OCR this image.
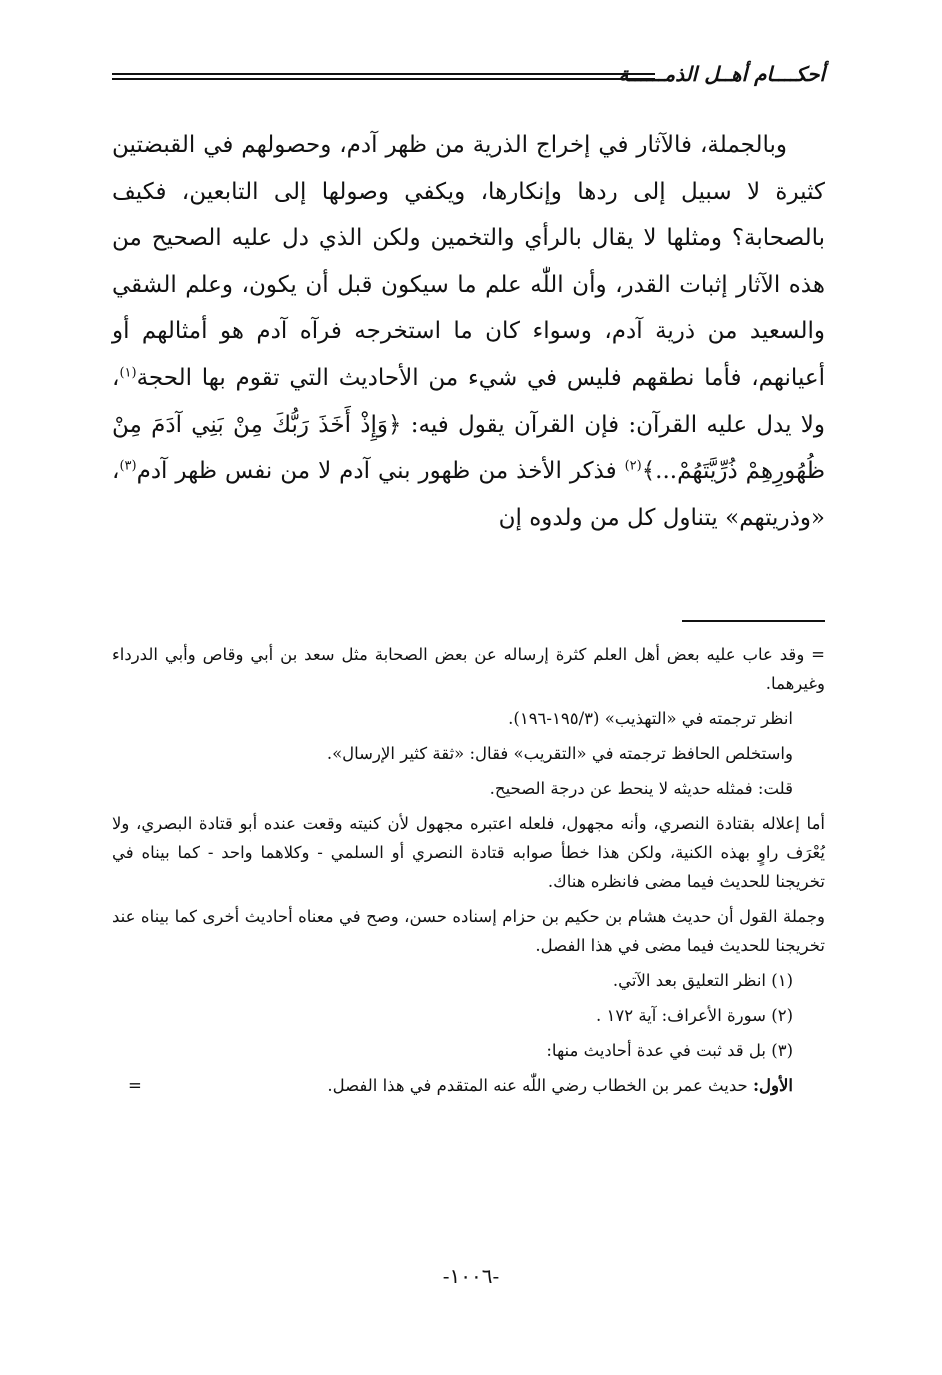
أحكــــام أهــل الذمــــــة

وبالجملة، فالآثار في إخراج الذرية من ظهر آدم، وحصولهم في القبضتين كثيرة لا سبيل إلى ردها وإنكارها، ويكفي وصولها إلى التابعين، فكيف بالصحابة؟ ومثلها لا يقال بالرأي والتخمين ولكن الذي دل عليه الصحيح من هذه الآثار إثبات القدر، وأن اللّٰه علم ما سيكون قبل أن يكون، وعلم الشقي والسعيد من ذرية آدم، وسواء كان ما استخرجه فرآه آدم هو أمثالهم أو أعيانهم، فأما نطقهم فليس في شيء من الأحاديث التي تقوم بها الحجة$^{(١)}$، ولا يدل عليه القرآن: فإن القرآن يقول فيه: ﴿وَإِذْ أَخَذَ رَبُّكَ مِنْ بَنِي آدَمَ مِنْ ظُهُورِهِمْ ذُرِّيَّتَهُمْ...﴾$^{(٢)}$ فذكر الأخذ من ظهور بني آدم لا من نفس ظهر آدم$^{(٣)}$، «وذريتهم» يتناول كل من ولدوه إن

= وقد عاب عليه بعض أهل العلم كثرة إرساله عن بعض الصحابة مثل سعد بن أبي وقاص وأبي الدرداء وغيرهما.

انظر ترجمته في «التهذيب» (١٩٥/٣-١٩٦).

واستخلص الحافظ ترجمته في «التقريب» فقال: «ثقة كثير الإرسال».

قلت: فمثله حديثه لا ينحط عن درجة الصحيح.

أما إعلاله بقتادة النصري، وأنه مجهول، فلعله اعتبره مجهول لأن كنيته وقعت عنده أبو قتادة البصري، ولا يُعْرَف راوٍ بهذه الكنية، ولكن هذا خطأ صوابه قتادة النصري أو السلمي - وكلاهما واحد - كما بيناه في تخريجنا للحديث فيما مضى فانظره هناك.

وجملة القول أن حديث هشام بن حكيم بن حزام إسناده حسن، وصح في معناه أحاديث أخرى كما بيناه عند تخريجنا للحديث فيما مضى في هذا الفصل.

(١) انظر التعليق بعد الآتي.

(٢) سورة الأعراف: آية ١٧٢ .

(٣) بل قد ثبت في عدة أحاديث منها:

الأول: حديث عمر بن الخطاب رضي اللّٰه عنه المتقدم في هذا الفصل.
=

-١٠٠٦-
